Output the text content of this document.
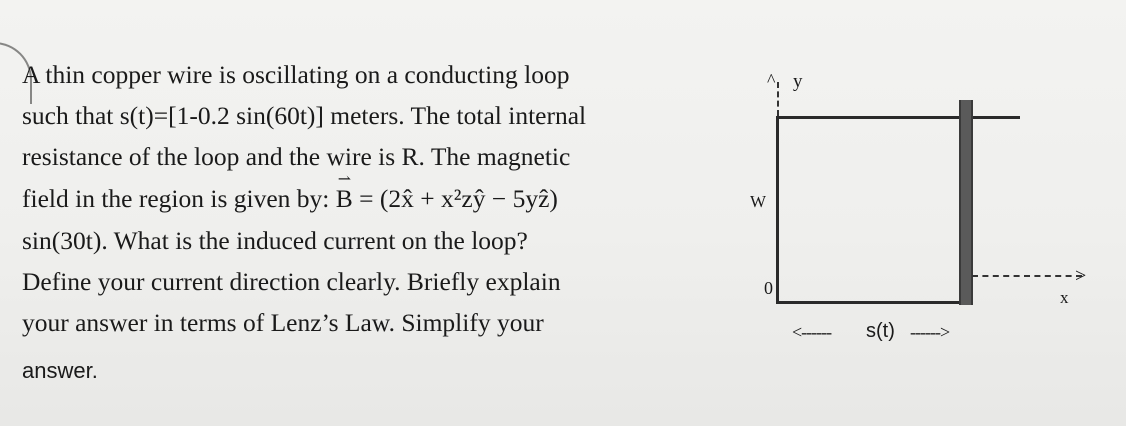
A thin copper wire is oscillating on a conducting loop
such that s(t)=[1-0.2 sin(60t)] meters. The total internal
resistance of the loop and the wire is R. The magnetic
field in the region is given by: ⇀ B = (2x̂ + x²zŷ − 5yẑ)
sin(30t). What is the induced current on the loop?
Define your current direction clearly. Briefly explain
your answer in terms of Lenz’s Law. Simplify your
answer.
^ y
W
0
>
x
<------ s(t) ------>
